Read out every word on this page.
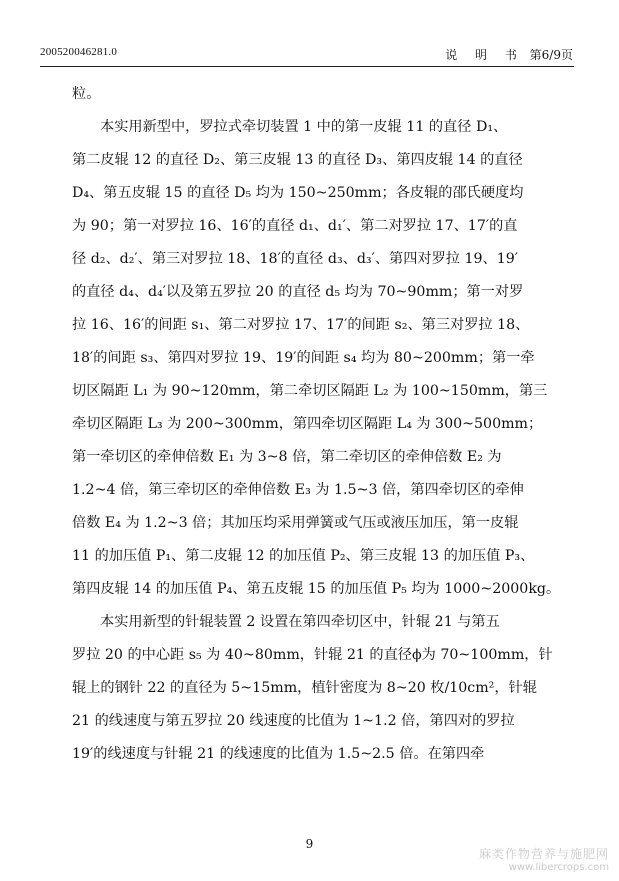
200520046281.0	说 明 书 第6/9页
粒。
本实用新型中，罗拉式牵切装置 1 中的第一皮辊 11 的直径 D₁、
第二皮辊 12 的直径 D₂、第三皮辊 13 的直径 D₃、第四皮辊 14 的直径
D₄、第五皮辊 15 的直径 D₅ 均为 150~250mm；各皮辊的邵氏硬度均
为 90；第一对罗拉 16、16′的直径 d₁、d₁′、第二对罗拉 17、17′的直
径 d₂、d₂′、第三对罗拉 18、18′的直径 d₃、d₃′、第四对罗拉 19、19′
的直径 d₄、d₄′以及第五罗拉 20 的直径 d₅ 均为 70~90mm；第一对罗
拉 16、16′的间距 s₁、第二对罗拉 17、17′的间距 s₂、第三对罗拉 18、
18′的间距 s₃、第四对罗拉 19、19′的间距 s₄ 均为 80~200mm；第一牵
切区隔距 L₁ 为 90~120mm，第二牵切区隔距 L₂ 为 100~150mm，第三
牵切区隔距 L₃ 为 200~300mm，第四牵切区隔距 L₄ 为 300~500mm；
第一牵切区的牵伸倍数 E₁ 为 3~8 倍，第二牵切区的牵伸倍数 E₂ 为
1.2~4 倍，第三牵切区的牵伸倍数 E₃ 为 1.5~3 倍，第四牵切区的牵伸
倍数 E₄ 为 1.2~3 倍；其加压均采用弹簧或气压或液压加压，第一皮辊
11 的加压值 P₁、第二皮辊 12 的加压值 P₂、第三皮辊 13 的加压值 P₃、
第四皮辊 14 的加压值 P₄、第五皮辊 15 的加压值 P₅ 均为 1000~2000kg。
本实用新型的针辊装置 2 设置在第四牵切区中，针辊 21 与第五
罗拉 20 的中心距 s₅ 为 40~80mm，针辊 21 的直径ϕ为 70~100mm，针
辊上的钢针 22 的直径为 5~15mm，植针密度为 8~20 枚/10cm²，针辊
21 的线速度与第五罗拉 20 线速度的比值为 1~1.2 倍，第四对的罗拉
19′的线速度与针辊 21 的线速度的比值为 1.5~2.5 倍。在第四牵
9
麻类作物营养与施肥网
www.libercrops.com
